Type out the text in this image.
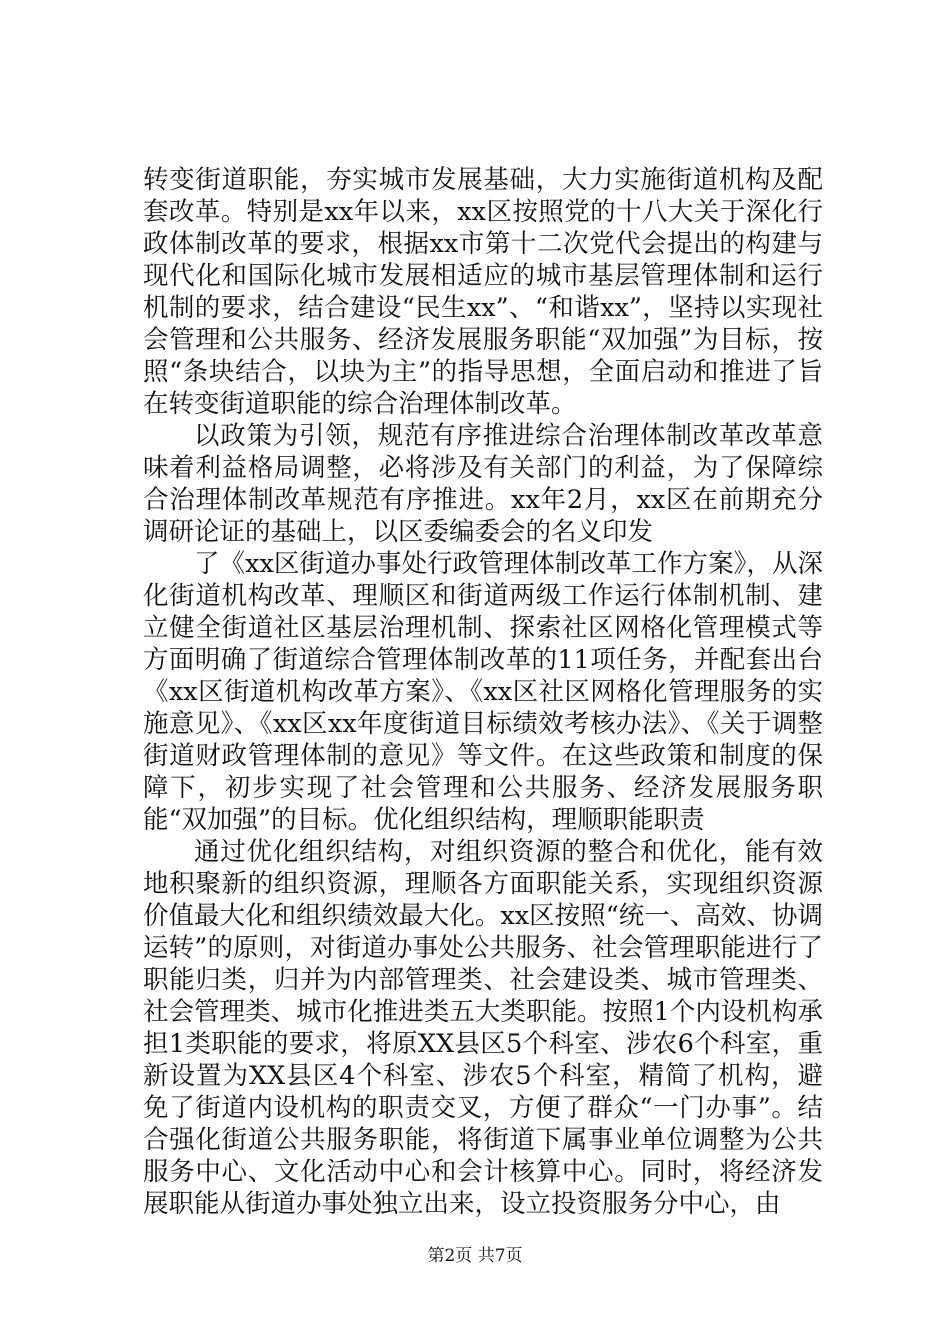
转变街道职能，夯实城市发展基础，大力实施街道机构及配套改革。特别是xx年以来，xx区按照党的十八大关于深化行政体制改革的要求，根据xx市第十二次党代会提出的构建与现代化和国际化城市发展相适应的城市基层管理体制和运行机制的要求，结合建设“民生xx”、“和谐xx”，坚持以实现社会管理和公共服务、经济发展服务职能“双加强”为目标，按照“条块结合，以块为主”的指导思想，全面启动和推进了旨在转变街道职能的综合治理体制改革。

以政策为引领，规范有序推进综合治理体制改革改革意味着利益格局调整，必将涉及有关部门的利益，为了保障综合治理体制改革规范有序推进。xx年2月，xx区在前期充分调研论证的基础上，以区委编委会的名义印发

了《xx区街道办事处行政管理体制改革工作方案》，从深化街道机构改革、理顺区和街道两级工作运行体制机制、建立健全街道社区基层治理机制、探索社区网格化管理模式等方面明确了街道综合管理体制改革的11项任务，并配套出台《xx区街道机构改革方案》、《xx区社区网格化管理服务的实施意见》、《xx区xx年度街道目标绩效考核办法》、《关于调整街道财政管理体制的意见》等文件。在这些政策和制度的保障下，初步实现了社会管理和公共服务、经济发展服务职能“双加强”的目标。优化组织结构，理顺职能职责

通过优化组织结构，对组织资源的整合和优化，能有效地积聚新的组织资源，理顺各方面职能关系，实现组织资源价值最大化和组织绩效最大化。xx区按照“统一、高效、协调运转”的原则，对街道办事处公共服务、社会管理职能进行了职能归类，归并为内部管理类、社会建设类、城市管理类、社会管理类、城市化推进类五大类职能。按照1个内设机构承担1类职能的要求，将原XX县区5个科室、涉农6个科室，重新设置为XX县区4个科室、涉农5个科室，精简了机构，避免了街道内设机构的职责交叉，方便了群众“一门办事”。结合强化街道公共服务职能，将街道下属事业单位调整为公共服务中心、文化活动中心和会计核算中心。同时，将经济发展职能从街道办事处独立出来，设立投资服务分中心，由

第2页 共7页
